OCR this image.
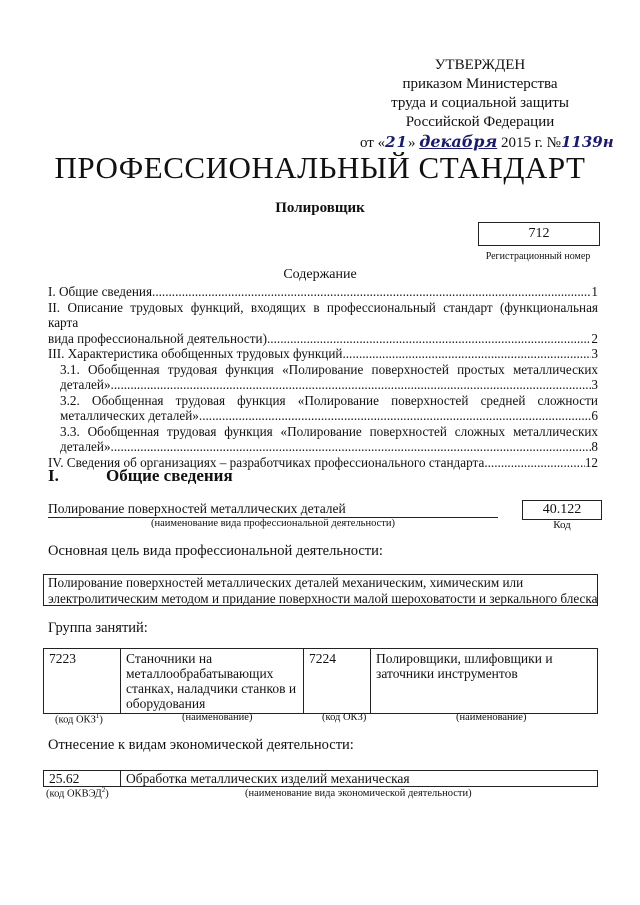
УТВЕРЖДЕН
приказом Министерства
труда и социальной защиты
Российской Федерации
от «21» декабря 2015 г. №1139н
ПРОФЕССИОНАЛЬНЫЙ СТАНДАРТ
Полировщик
712
Регистрационный номер
Содержание
I. Общие сведения .....	1
II. Описание трудовых функций, входящих в профессиональный стандарт (функциональная карта
вида профессиональной деятельности) .....	2
III. Характеристика обобщенных трудовых функций .....	3
3.1. Обобщенная трудовая функция «Полирование поверхностей простых металлических
деталей» .....	3
3.2. Обобщенная трудовая функция «Полирование поверхностей средней сложности
металлических деталей» .....	6
3.3. Обобщенная трудовая функция «Полирование поверхностей сложных металлических
деталей» .....	8
IV. Сведения об организациях – разработчиках профессионального стандарта .....	12
I.	Общие сведения
Полирование поверхностей металлических деталей
(наименование вида профессиональной деятельности)
40.122
Код
Основная цель вида профессиональной деятельности:
Полирование поверхностей металлических деталей механическим, химическим или
электролитическим методом и придание поверхности малой шероховатости и зеркального блеска
Группа занятий:
7223	Станочники на металлообрабатывающих станках, наладчики станков и оборудования	7224	Полировщики, шлифовщики и заточники инструментов
(код ОКЗ$^1$)	(наименование)	(код ОКЗ)	(наименование)
Отнесение к видам экономической деятельности:
25.62	Обработка металлических изделий механическая
(код ОКВЭД$^2$)	(наименование вида экономической деятельности)
